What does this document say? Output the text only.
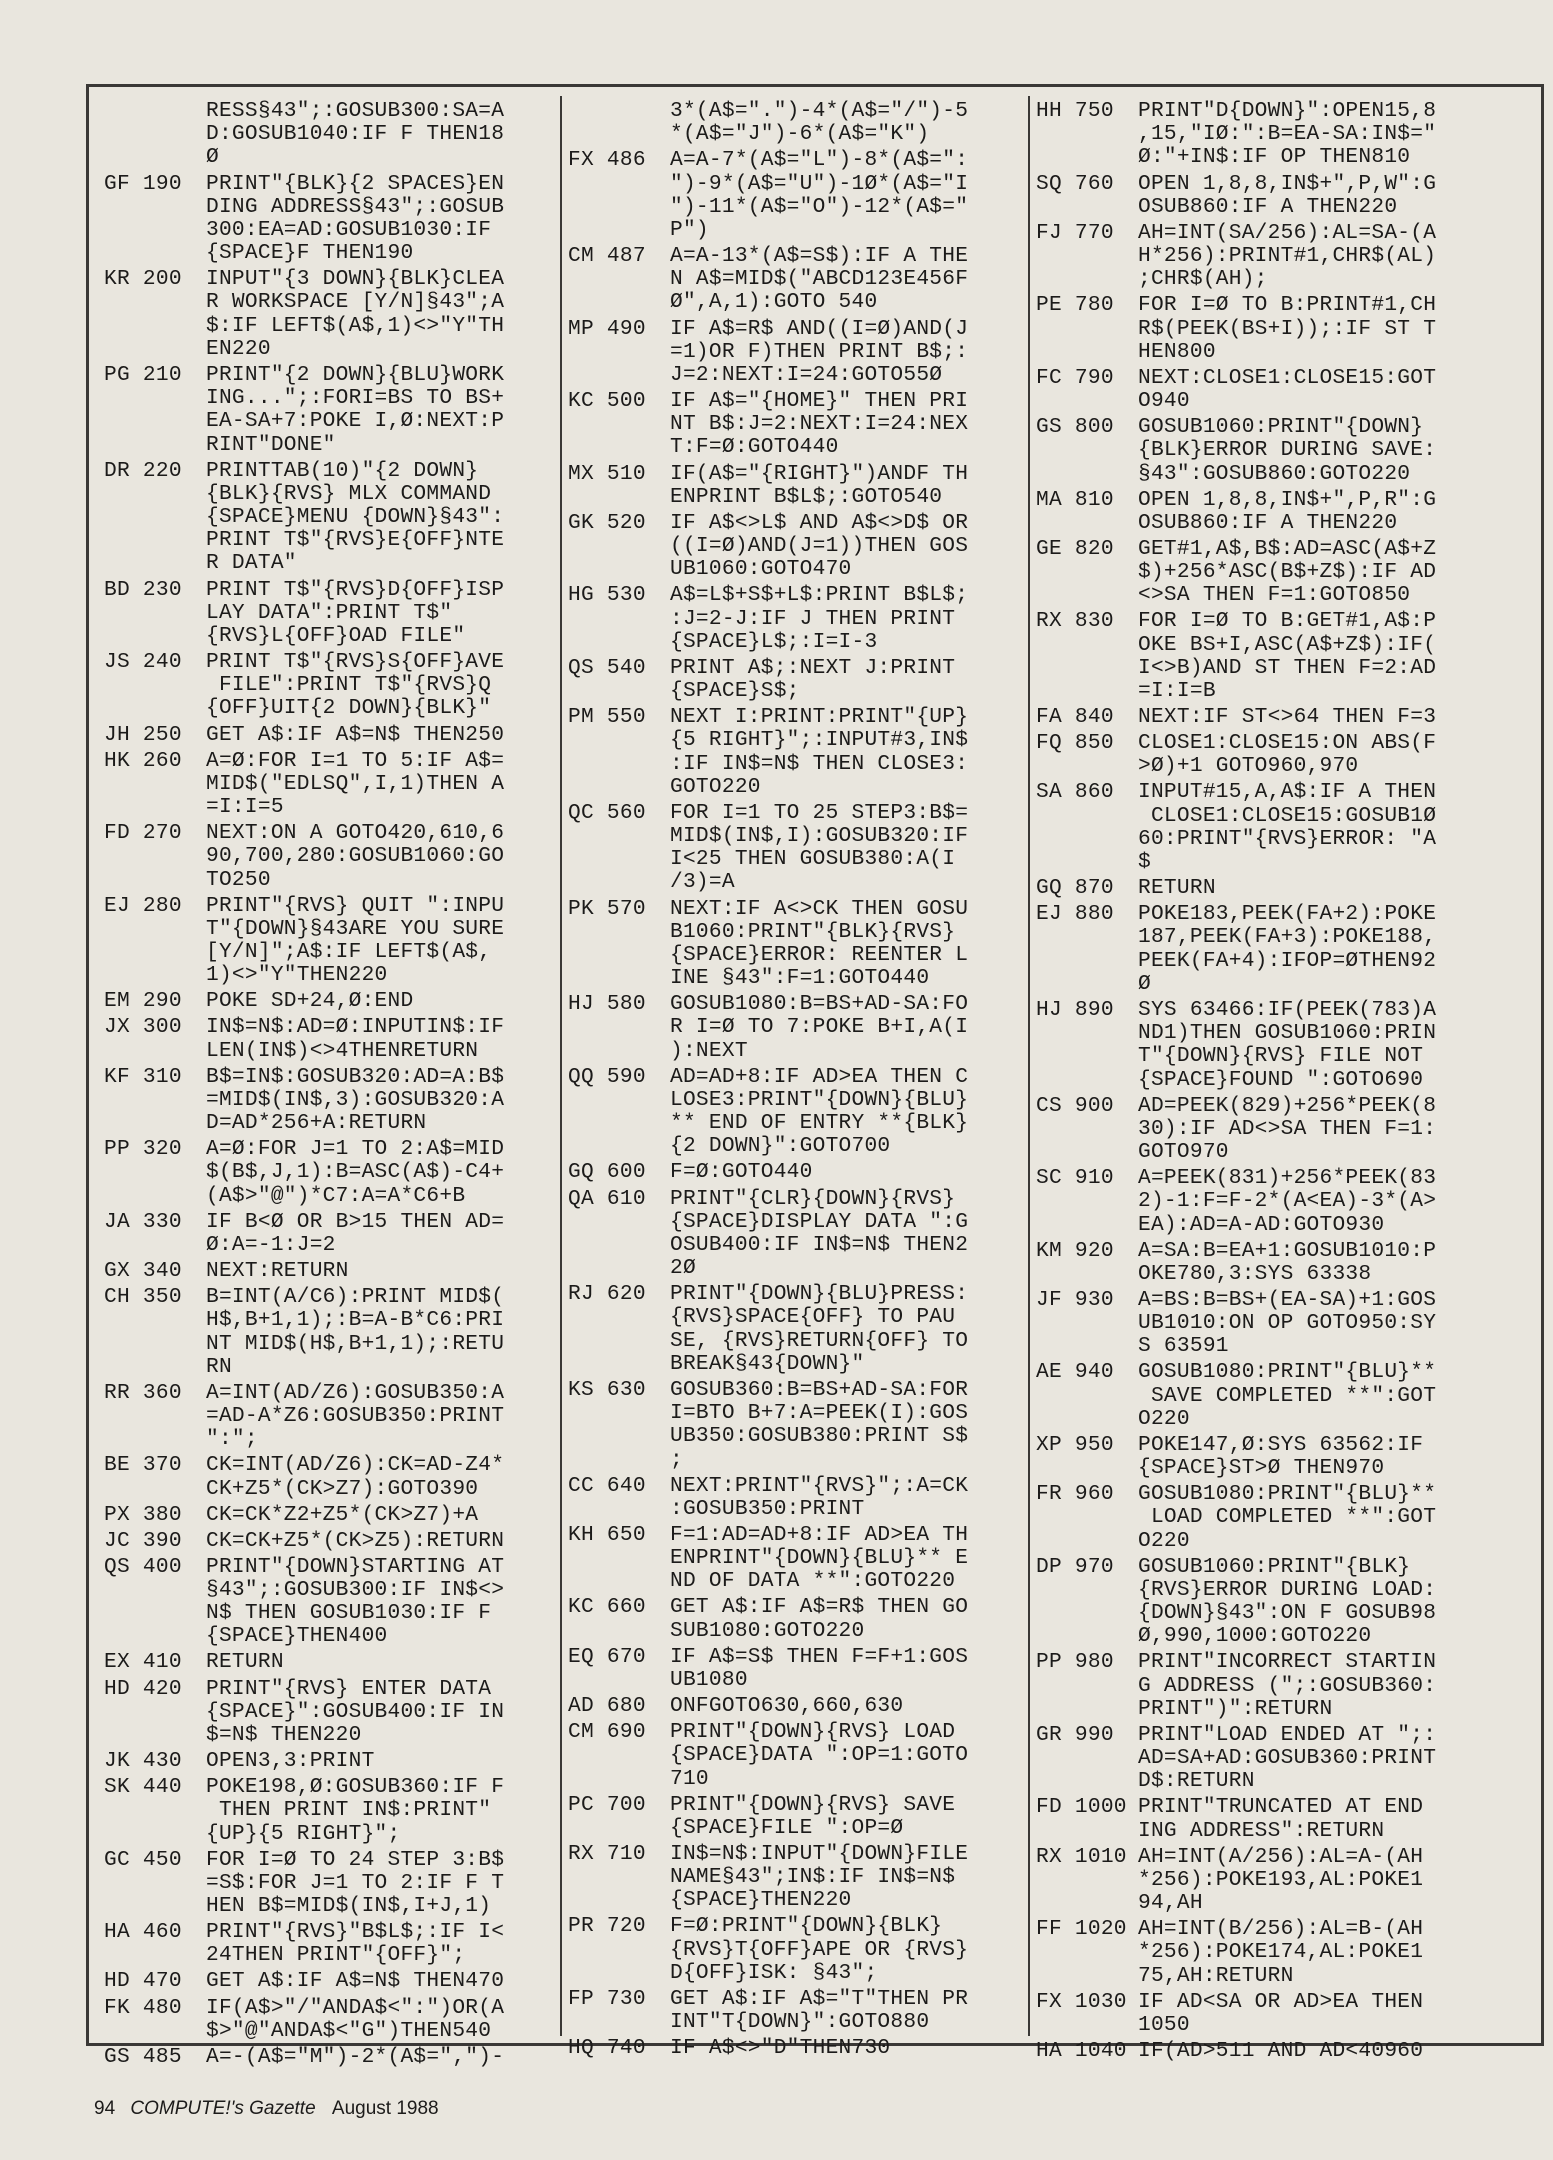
RESS§43";:GOSUB300:SA=A
D:GOSUB1040:IF F THEN18
Ø
GF 190	PRINT"{BLK}{2 SPACES}EN
DING ADDRESS§43";:GOSUB
300:EA=AD:GOSUB1030:IF
{SPACE}F THEN190
KR 200	INPUT"{3 DOWN}{BLK}CLEA
R WORKSPACE [Y/N]§43";A
$:IF LEFT$(A$,1)<>"Y"TH
EN220
PG 210	PRINT"{2 DOWN}{BLU}WORK
ING...";:FORI=BS TO BS+
EA-SA+7:POKE I,Ø:NEXT:P
RINT"DONE"
DR 220	PRINTTAB(10)"{2 DOWN}
{BLK}{RVS} MLX COMMAND
{SPACE}MENU {DOWN}§43":
PRINT T$"{RVS}E{OFF}NTE
R DATA"
BD 230	PRINT T$"{RVS}D{OFF}ISP
LAY DATA":PRINT T$"
{RVS}L{OFF}OAD FILE"
JS 240	PRINT T$"{RVS}S{OFF}AVE
FILE":PRINT T$"{RVS}Q
{OFF}UIT{2 DOWN}{BLK}"
JH 250	GET A$:IF A$=N$ THEN250
HK 260	A=Ø:FOR I=1 TO 5:IF A$=
MID$("EDLSQ",I,1)THEN A
=I:I=5
FD 270	NEXT:ON A GOTO420,610,6
90,700,280:GOSUB1060:GO
TO250
EJ 280	PRINT"{RVS} QUIT ":INPU
T"{DOWN}§43ARE YOU SURE
[Y/N]";A$:IF LEFT$(A$,
1)<>"Y"THEN220
EM 290	POKE SD+24,Ø:END
JX 300	IN$=N$:AD=Ø:INPUTIN$:IF
LEN(IN$)<>4THENRETURN
KF 310	B$=IN$:GOSUB320:AD=A:B$
=MID$(IN$,3):GOSUB320:A
D=AD*256+A:RETURN
PP 320	A=Ø:FOR J=1 TO 2:A$=MID
$(B$,J,1):B=ASC(A$)-C4+
(A$>"@")*C7:A=A*C6+B
JA 330	IF B<Ø OR B>15 THEN AD=
Ø:A=-1:J=2
GX 340	NEXT:RETURN
CH 350	B=INT(A/C6):PRINT MID$(
H$,B+1,1);:B=A-B*C6:PRI
NT MID$(H$,B+1,1);:RETU
RN
RR 360	A=INT(AD/Z6):GOSUB350:A
=AD-A*Z6:GOSUB350:PRINT
":";
BE 370	CK=INT(AD/Z6):CK=AD-Z4*
CK+Z5*(CK>Z7):GOTO390
PX 380	CK=CK*Z2+Z5*(CK>Z7)+A
JC 390	CK=CK+Z5*(CK>Z5):RETURN
QS 400	PRINT"{DOWN}STARTING AT
§43";:GOSUB300:IF IN$<>
N$ THEN GOSUB1030:IF F
{SPACE}THEN400
EX 410	RETURN
HD 420	PRINT"{RVS} ENTER DATA
{SPACE}":GOSUB400:IF IN
$=N$ THEN220
JK 430	OPEN3,3:PRINT
SK 440	POKE198,Ø:GOSUB360:IF F
THEN PRINT IN$:PRINT"
{UP}{5 RIGHT}";
GC 450	FOR I=Ø TO 24 STEP 3:B$
=S$:FOR J=1 TO 2:IF F T
HEN B$=MID$(IN$,I+J,1)
HA 460	PRINT"{RVS}"B$L$;:IF I<
24THEN PRINT"{OFF}";
HD 470	GET A$:IF A$=N$ THEN470
FK 480	IF(A$>"/"ANDA$<":")OR(A
$>"@"ANDA$<"G")THEN540
GS 485	A=-(A$="M")-2*(A$=",")-
3*(A$=".")-4*(A$="/")-5
*(A$="J")-6*(A$="K")
FX 486	A=A-7*(A$="L")-8*(A$=":
")-9*(A$="U")-1Ø*(A$="I
")-11*(A$="O")-12*(A$="
P")
CM 487	A=A-13*(A$=S$):IF A THE
N A$=MID$("ABCD123E456F
Ø",A,1):GOTO 540
MP 490	IF A$=R$ AND((I=Ø)AND(J
=1)OR F)THEN PRINT B$;:
J=2:NEXT:I=24:GOTO55Ø
KC 500	IF A$="{HOME}" THEN PRI
NT B$:J=2:NEXT:I=24:NEX
T:F=Ø:GOTO440
MX 510	IF(A$="{RIGHT}")ANDF TH
ENPRINT B$L$;:GOTO540
GK 520	IF A$<>L$ AND A$<>D$ OR
((I=Ø)AND(J=1))THEN GOS
UB1060:GOTO470
HG 530	A$=L$+S$+L$:PRINT B$L$;
:J=2-J:IF J THEN PRINT
{SPACE}L$;:I=I-3
QS 540	PRINT A$;:NEXT J:PRINT
{SPACE}S$;
PM 550	NEXT I:PRINT:PRINT"{UP}
{5 RIGHT}";:INPUT#3,IN$
:IF IN$=N$ THEN CLOSE3:
GOTO220
QC 560	FOR I=1 TO 25 STEP3:B$=
MID$(IN$,I):GOSUB320:IF
I<25 THEN GOSUB380:A(I
/3)=A
PK 570	NEXT:IF A<>CK THEN GOSU
B1060:PRINT"{BLK}{RVS}
{SPACE}ERROR: REENTER L
INE §43":F=1:GOTO440
HJ 580	GOSUB1080:B=BS+AD-SA:FO
R I=Ø TO 7:POKE B+I,A(I
):NEXT
QQ 590	AD=AD+8:IF AD>EA THEN C
LOSE3:PRINT"{DOWN}{BLU}
** END OF ENTRY **{BLK}
{2 DOWN}":GOTO700
GQ 600	F=Ø:GOTO440
QA 610	PRINT"{CLR}{DOWN}{RVS}
{SPACE}DISPLAY DATA ":G
OSUB400:IF IN$=N$ THEN2
2Ø
RJ 620	PRINT"{DOWN}{BLU}PRESS:
{RVS}SPACE{OFF} TO PAU
SE, {RVS}RETURN{OFF} TO
BREAK§43{DOWN}"
KS 630	GOSUB360:B=BS+AD-SA:FOR
I=BTO B+7:A=PEEK(I):GOS
UB350:GOSUB380:PRINT S$
;
CC 640	NEXT:PRINT"{RVS}";:A=CK
:GOSUB350:PRINT
KH 650	F=1:AD=AD+8:IF AD>EA TH
ENPRINT"{DOWN}{BLU}** E
ND OF DATA **":GOTO220
KC 660	GET A$:IF A$=R$ THEN GO
SUB1080:GOTO220
EQ 670	IF A$=S$ THEN F=F+1:GOS
UB1080
AD 680	ONFGOTO630,660,630
CM 690	PRINT"{DOWN}{RVS} LOAD
{SPACE}DATA ":OP=1:GOTO
710
PC 700	PRINT"{DOWN}{RVS} SAVE
{SPACE}FILE ":OP=Ø
RX 710	IN$=N$:INPUT"{DOWN}FILE
NAME§43";IN$:IF IN$=N$
{SPACE}THEN220
PR 720	F=Ø:PRINT"{DOWN}{BLK}
{RVS}T{OFF}APE OR {RVS}
D{OFF}ISK: §43";
FP 730	GET A$:IF A$="T"THEN PR
INT"T{DOWN}":GOTO880
HQ 740	IF A$<>"D"THEN730
HH 750	PRINT"D{DOWN}":OPEN15,8
,15,"IØ:":B=EA-SA:IN$="
Ø:"+IN$:IF OP THEN810
SQ 760	OPEN 1,8,8,IN$+",P,W":G
OSUB860:IF A THEN220
FJ 770	AH=INT(SA/256):AL=SA-(A
H*256):PRINT#1,CHR$(AL)
;CHR$(AH);
PE 780	FOR I=Ø TO B:PRINT#1,CH
R$(PEEK(BS+I));:IF ST T
HEN800
FC 790	NEXT:CLOSE1:CLOSE15:GOT
O940
GS 800	GOSUB1060:PRINT"{DOWN}
{BLK}ERROR DURING SAVE:
§43":GOSUB860:GOTO220
MA 810	OPEN 1,8,8,IN$+",P,R":G
OSUB860:IF A THEN220
GE 820	GET#1,A$,B$:AD=ASC(A$+Z
$)+256*ASC(B$+Z$):IF AD
<>SA THEN F=1:GOTO850
RX 830	FOR I=Ø TO B:GET#1,A$:P
OKE BS+I,ASC(A$+Z$):IF(
I<>B)AND ST THEN F=2:AD
=I:I=B
FA 840	NEXT:IF ST<>64 THEN F=3
FQ 850	CLOSE1:CLOSE15:ON ABS(F
>Ø)+1 GOTO960,970
SA 860	INPUT#15,A,A$:IF A THEN
CLOSE1:CLOSE15:GOSUB1Ø
60:PRINT"{RVS}ERROR: "A
$
GQ 870	RETURN
EJ 880	POKE183,PEEK(FA+2):POKE
187,PEEK(FA+3):POKE188,
PEEK(FA+4):IFOP=ØTHEN92
Ø
HJ 890	SYS 63466:IF(PEEK(783)A
ND1)THEN GOSUB1060:PRIN
T"{DOWN}{RVS} FILE NOT
{SPACE}FOUND ":GOTO690
CS 900	AD=PEEK(829)+256*PEEK(8
30):IF AD<>SA THEN F=1:
GOTO970
SC 910	A=PEEK(831)+256*PEEK(83
2)-1:F=F-2*(A<EA)-3*(A>
EA):AD=A-AD:GOTO930
KM 920	A=SA:B=EA+1:GOSUB1010:P
OKE780,3:SYS 63338
JF 930	A=BS:B=BS+(EA-SA)+1:GOS
UB1010:ON OP GOTO950:SY
S 63591
AE 940	GOSUB1080:PRINT"{BLU}**
SAVE COMPLETED **":GOT
O220
XP 950	POKE147,Ø:SYS 63562:IF
{SPACE}ST>Ø THEN970
FR 960	GOSUB1080:PRINT"{BLU}**
LOAD COMPLETED **":GOT
O220
DP 970	GOSUB1060:PRINT"{BLK}
{RVS}ERROR DURING LOAD:
{DOWN}§43":ON F GOSUB98
Ø,990,1000:GOTO220
PP 980	PRINT"INCORRECT STARTIN
G ADDRESS (";:GOSUB360:
PRINT")":RETURN
GR 990	PRINT"LOAD ENDED AT ";:
AD=SA+AD:GOSUB360:PRINT
D$:RETURN
FD 1000 PRINT"TRUNCATED AT END
ING ADDRESS":RETURN
RX 1010 AH=INT(A/256):AL=A-(AH
*256):POKE193,AL:POKE1
94,AH
FF 1020 AH=INT(B/256):AL=B-(AH
*256):POKE174,AL:POKE1
75,AH:RETURN
FX 1030 IF AD<SA OR AD>EA THEN
1050
HA 1040 IF(AD>511 AND AD<40960
94 COMPUTE!'s Gazette August 1988
